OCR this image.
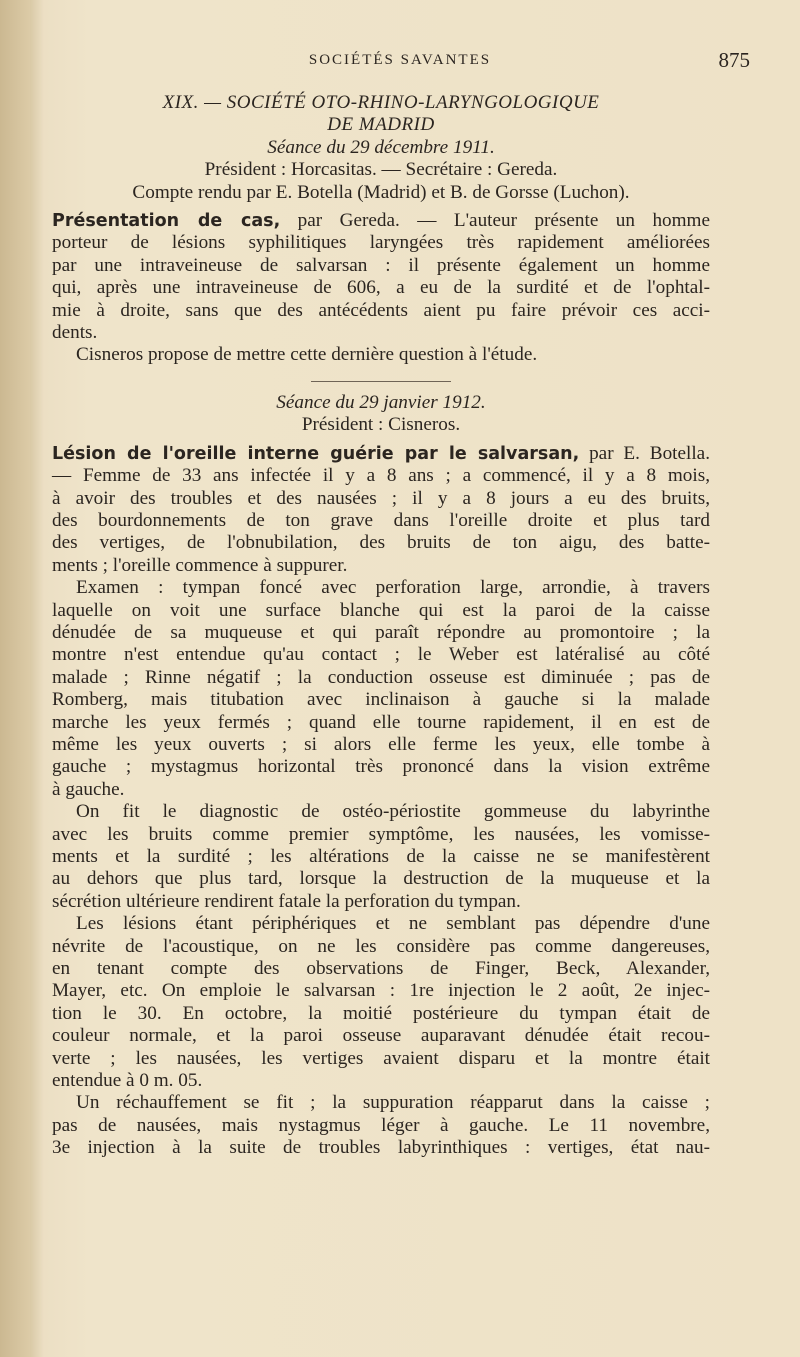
SOCIÉTÉS SAVANTES	875
XIX. — SOCIÉTÉ OTO-RHINO-LARYNGOLOGIQUE
DE MADRID
Séance du 29 décembre 1911.
Président : Horcasitas. — Secrétaire : Gereda.
Compte rendu par E. Botella (Madrid) et B. de Gorsse (Luchon).
Présentation de cas, par Gereda. — L'auteur présente un homme
porteur de lésions syphilitiques laryngées très rapidement améliorées
par une intraveineuse de salvarsan : il présente également un homme
qui, après une intraveineuse de 606, a eu de la surdité et de l'ophtal-
mie à droite, sans que des antécédents aient pu faire prévoir ces acci-
dents.
Cisneros propose de mettre cette dernière question à l'étude.
Séance du 29 janvier 1912.
Président : Cisneros.
Lésion de l'oreille interne guérie par le salvarsan, par E. Botella.
— Femme de 33 ans infectée il y a 8 ans ; a commencé, il y a 8 mois,
à avoir des troubles et des nausées ; il y a 8 jours a eu des bruits,
des bourdonnements de ton grave dans l'oreille droite et plus tard
des vertiges, de l'obnubilation, des bruits de ton aigu, des batte-
ments ; l'oreille commence à suppurer.
Examen : tympan foncé avec perforation large, arrondie, à travers
laquelle on voit une surface blanche qui est la paroi de la caisse
dénudée de sa muqueuse et qui paraît répondre au promontoire ; la
montre n'est entendue qu'au contact ; le Weber est latéralisé au côté
malade ; Rinne négatif ; la conduction osseuse est diminuée ; pas de
Romberg, mais titubation avec inclinaison à gauche si la malade
marche les yeux fermés ; quand elle tourne rapidement, il en est de
même les yeux ouverts ; si alors elle ferme les yeux, elle tombe à
gauche ; mystagmus horizontal très prononcé dans la vision extrême
à gauche.
On fit le diagnostic de ostéo-périostite gommeuse du labyrinthe
avec les bruits comme premier symptôme, les nausées, les vomisse-
ments et la surdité ; les altérations de la caisse ne se manifestèrent
au dehors que plus tard, lorsque la destruction de la muqueuse et la
sécrétion ultérieure rendirent fatale la perforation du tympan.
Les lésions étant périphériques et ne semblant pas dépendre d'une
névrite de l'acoustique, on ne les considère pas comme dangereuses,
en tenant compte des observations de Finger, Beck, Alexander,
Mayer, etc. On emploie le salvarsan : 1re injection le 2 août, 2e injec-
tion le 30. En octobre, la moitié postérieure du tympan était de
couleur normale, et la paroi osseuse auparavant dénudée était recou-
verte ; les nausées, les vertiges avaient disparu et la montre était
entendue à 0 m. 05.
Un réchauffement se fit ; la suppuration réapparut dans la caisse ;
pas de nausées, mais nystagmus léger à gauche. Le 11 novembre,
3e injection à la suite de troubles labyrinthiques : vertiges, état nau-
